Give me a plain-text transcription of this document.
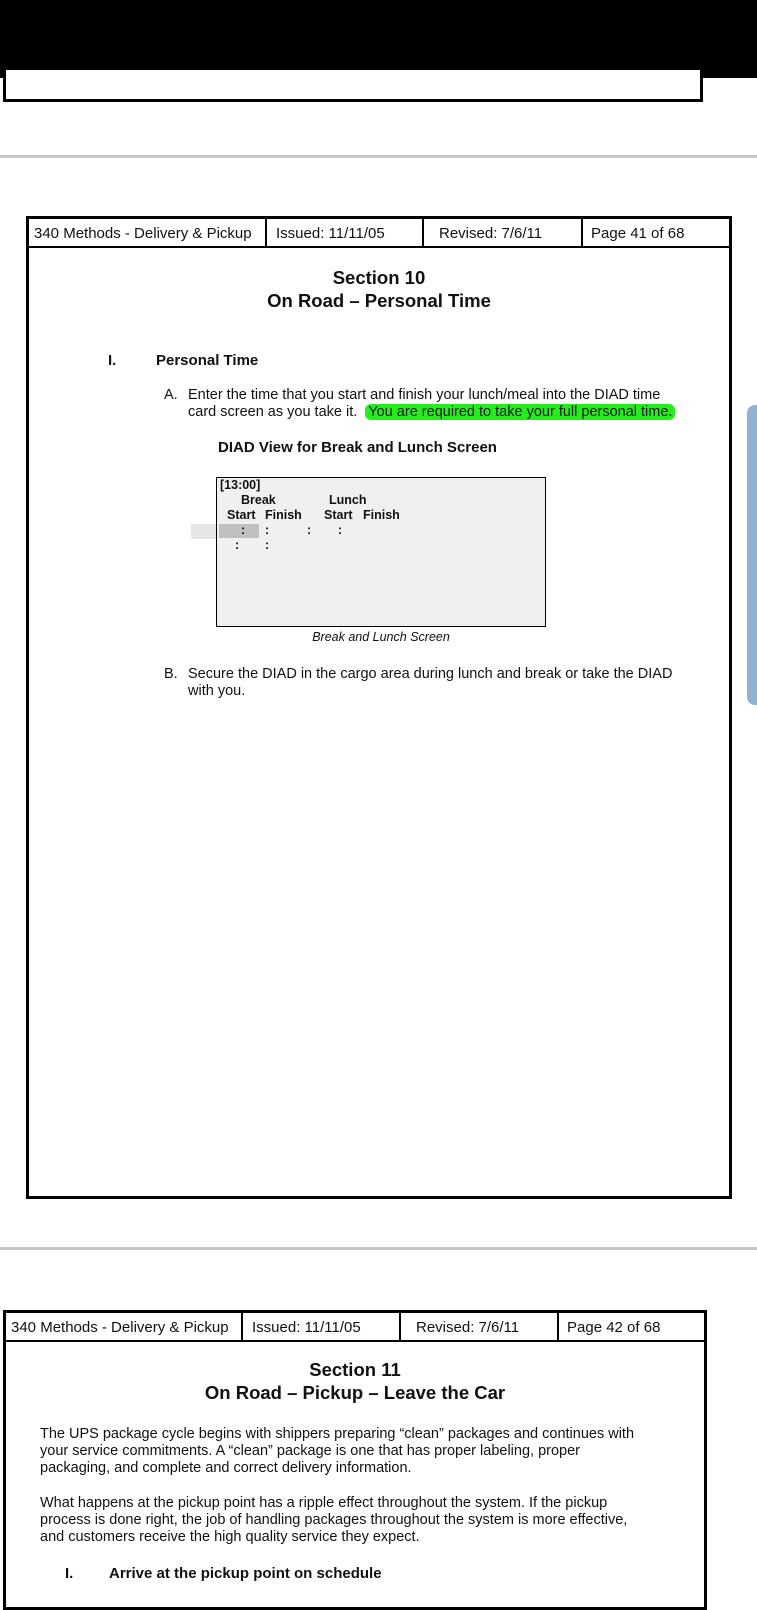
340 Methods - Delivery & Pickup	Issued: 11/11/05	Revised: 7/6/11	Page 41 of 68
Section 10
On Road – Personal Time
I.	Personal Time
A. Enter the time that you start and finish your lunch/meal into the DIAD time
card screen as you take it. You are required to take your full personal time.
DIAD View for Break and Lunch Screen
[13:00]
Break	Lunch
Start Finish Start Finish
: :	: :
: :
Break and Lunch Screen
B. Secure the DIAD in the cargo area during lunch and break or take the DIAD
with you.
340 Methods - Delivery & Pickup	Issued: 11/11/05	Revised: 7/6/11	Page 42 of 68
Section 11
On Road – Pickup – Leave the Car
The UPS package cycle begins with shippers preparing “clean” packages and continues with
your service commitments. A “clean” package is one that has proper labeling, proper
packaging, and complete and correct delivery information.
What happens at the pickup point has a ripple effect throughout the system. If the pickup
process is done right, the job of handling packages throughout the system is more effective,
and customers receive the high quality service they expect.
I. Arrive at the pickup point on schedule
